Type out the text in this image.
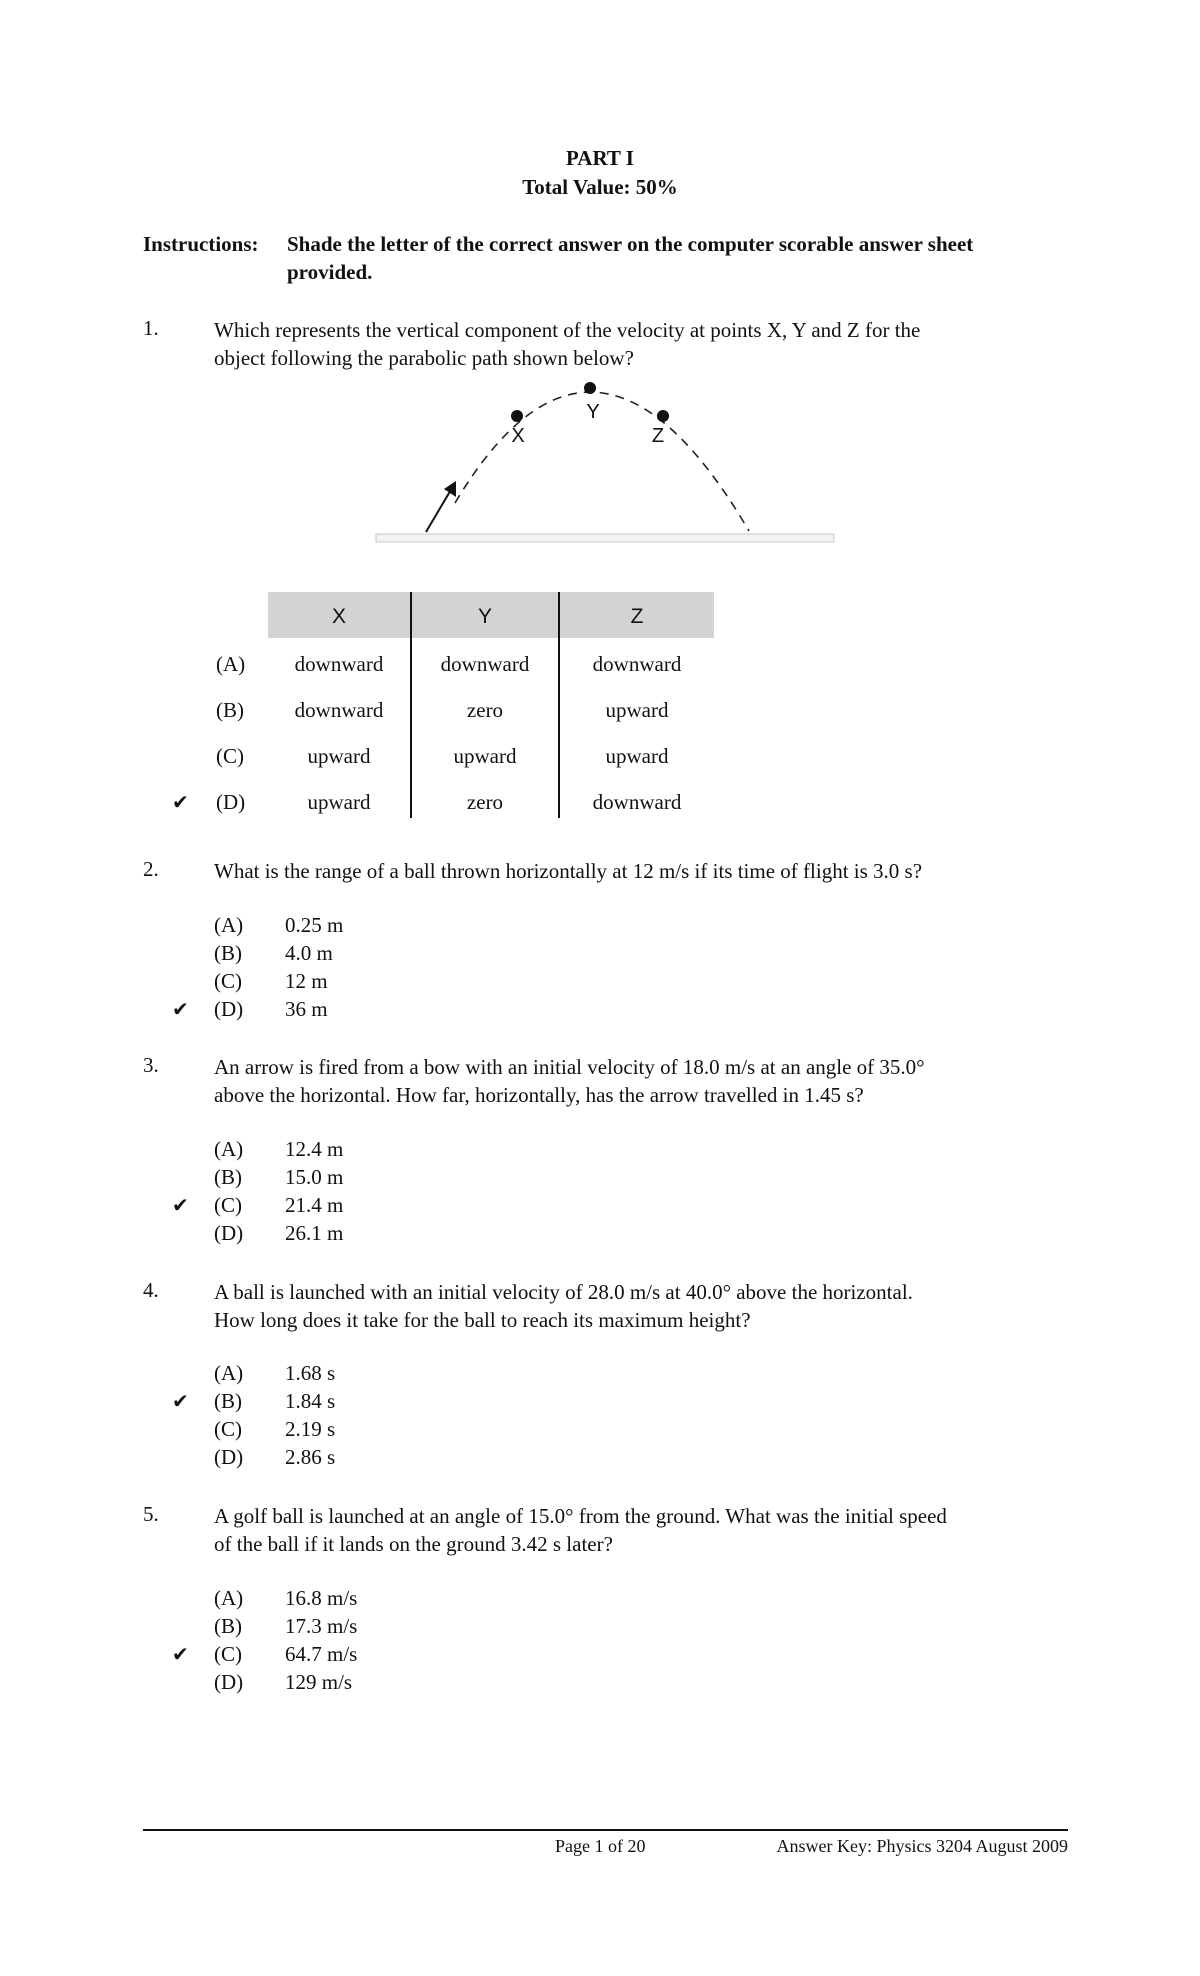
PART I
Total Value: 50%
Instructions: Shade the letter of the correct answer on the computer scorable answer sheet
provided.
1.	Which represents the vertical component of the velocity at points X, Y and Z for the
object following the parabolic path shown below?
X
Y
Z
X	Y	Z
(A)	downward	downward	downward
(B)	downward	zero	upward
(C)	upward	upward	upward
✔ (D)	upward	zero	downward
2.	What is the range of a ball thrown horizontally at 12 m/s if its time of flight is 3.0 s?
(A) 0.25 m
(B) 4.0 m
(C) 12 m
✔ (D) 36 m
3.	An arrow is fired from a bow with an initial velocity of 18.0 m/s at an angle of 35.0°
above the horizontal. How far, horizontally, has the arrow travelled in 1.45 s?
(A) 12.4 m
(B) 15.0 m
✔ (C) 21.4 m
(D) 26.1 m
4.	A ball is launched with an initial velocity of 28.0 m/s at 40.0° above the horizontal.
How long does it take for the ball to reach its maximum height?
(A) 1.68 s
✔ (B) 1.84 s
(C) 2.19 s
(D) 2.86 s
5.	A golf ball is launched at an angle of 15.0° from the ground. What was the initial speed
of the ball if it lands on the ground 3.42 s later?
(A) 16.8 m/s
(B) 17.3 m/s
✔ (C) 64.7 m/s
(D) 129 m/s
Page 1 of 20	Answer Key: Physics 3204 August 2009
